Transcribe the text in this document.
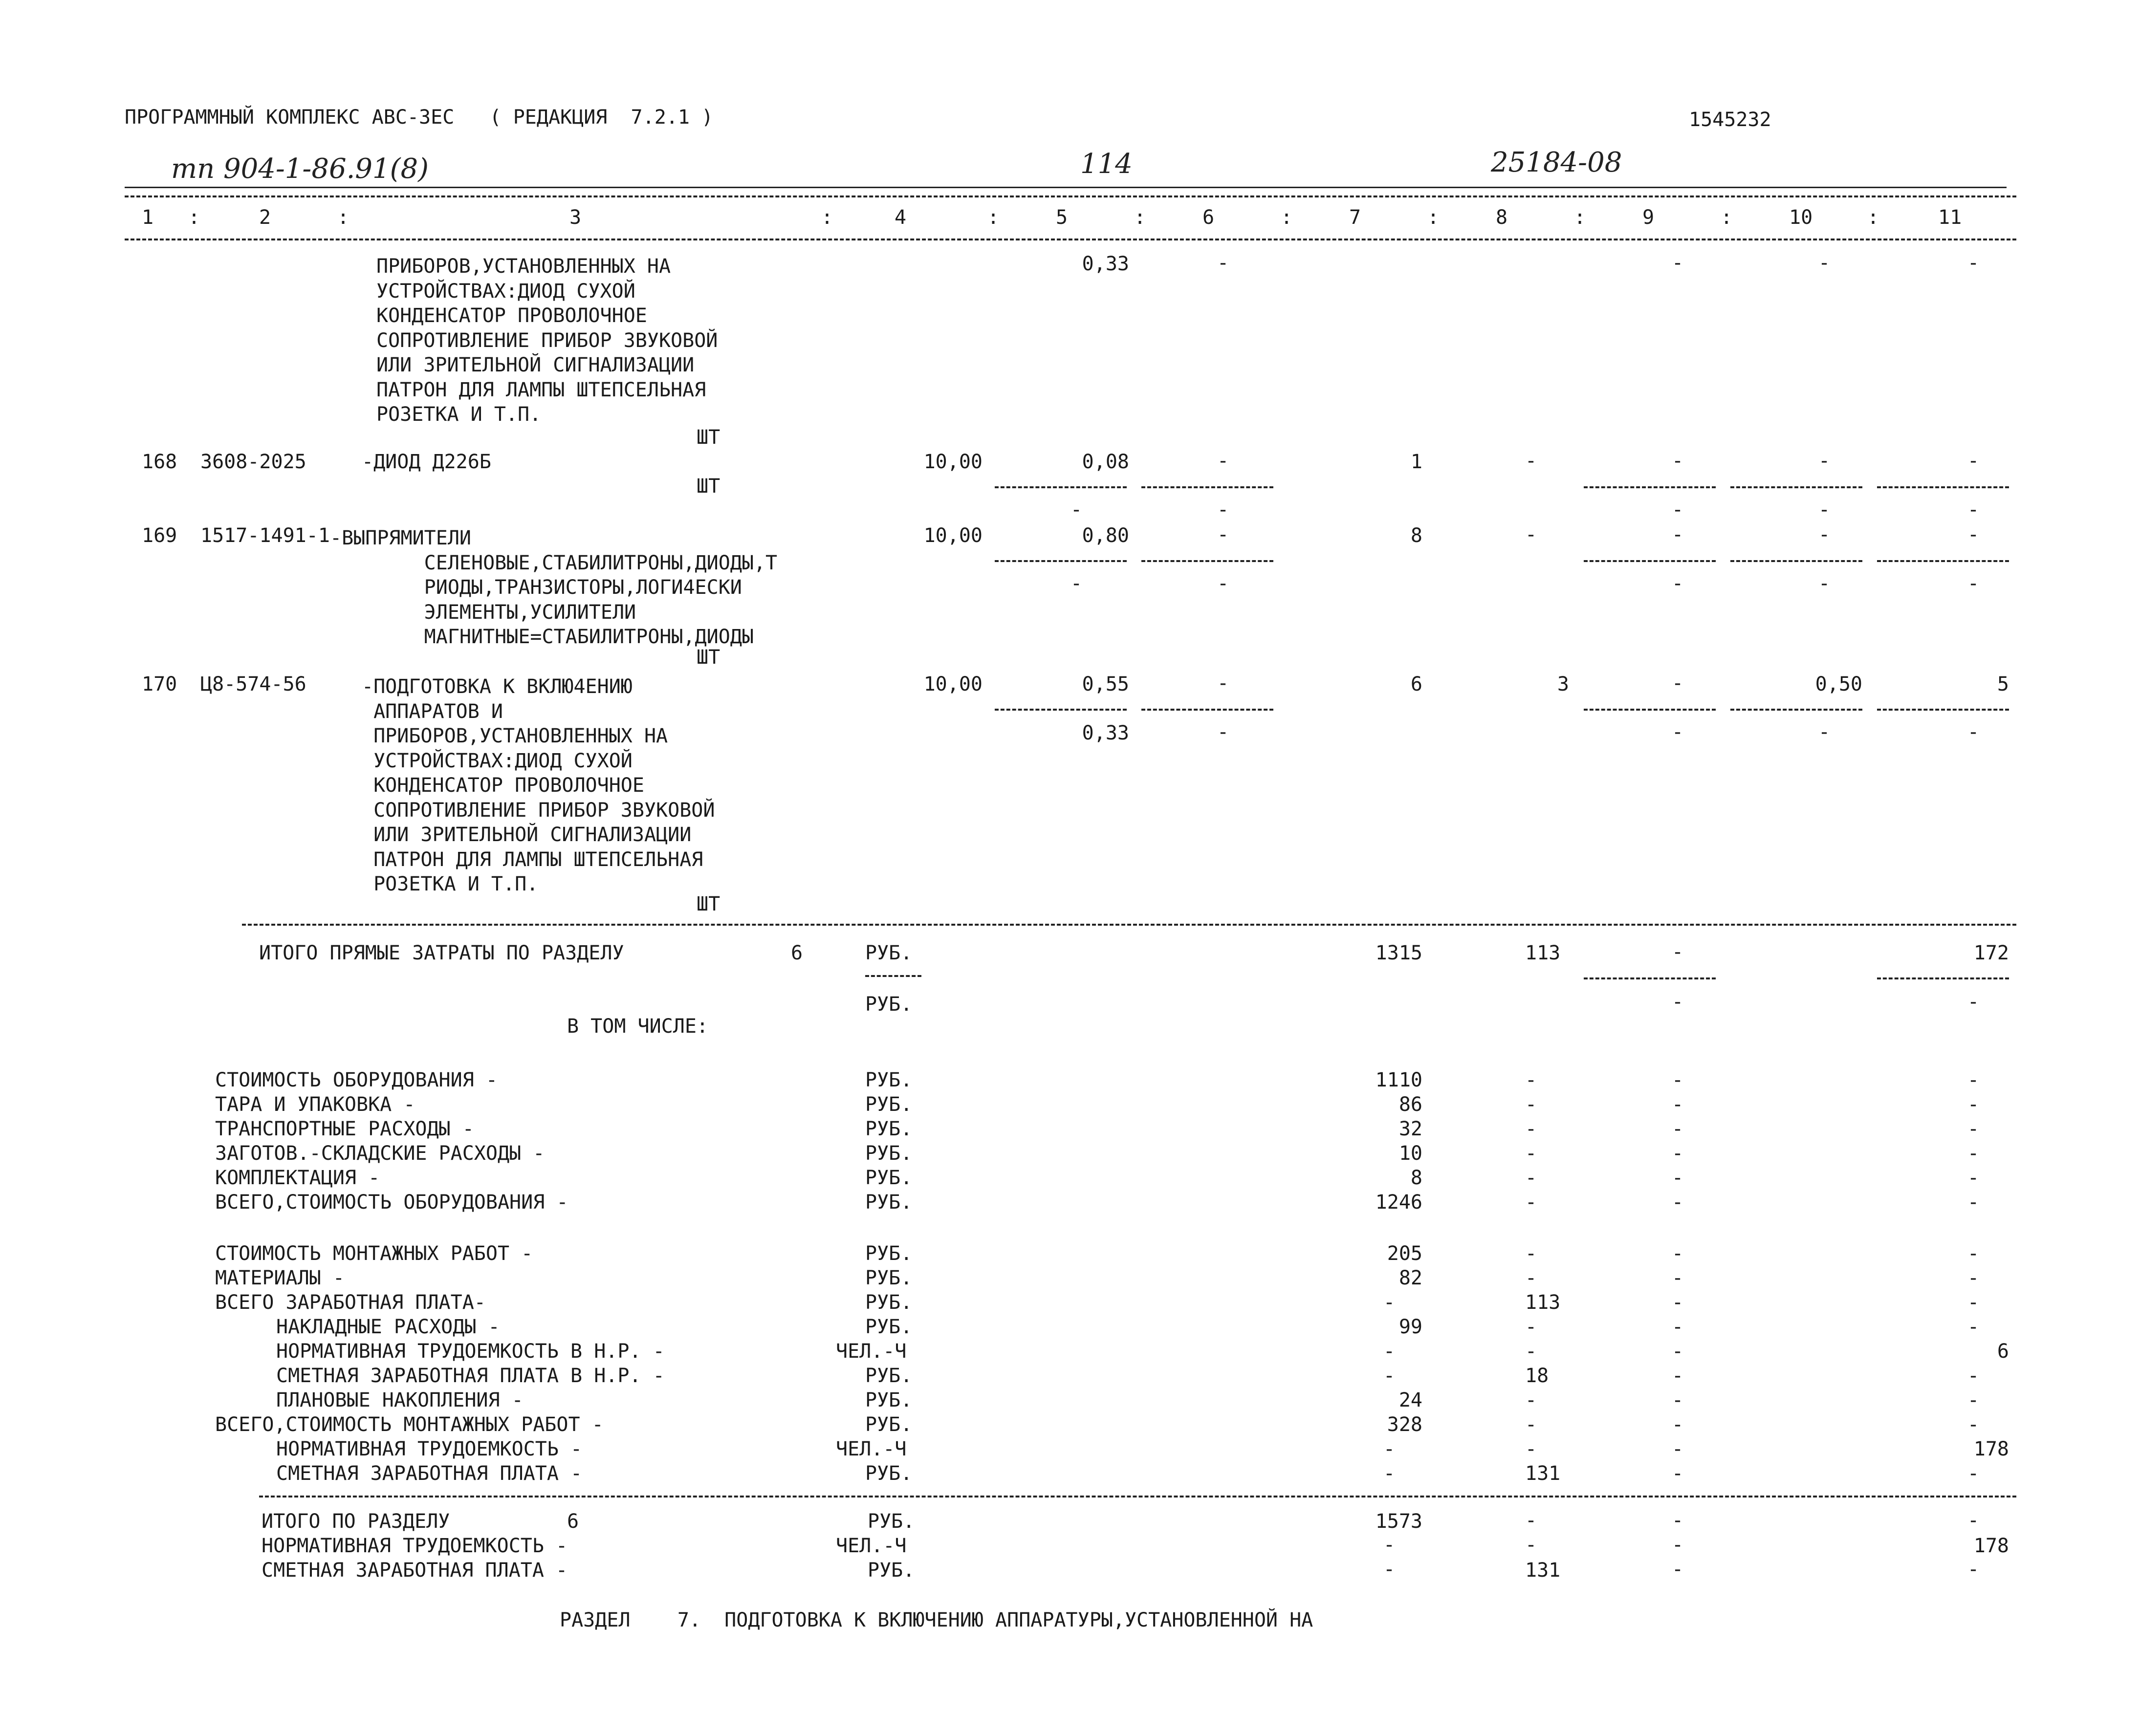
ПРОГРАММНЫЙ КОМПЛЕКС АВС-3ЕС   ( РЕДАКЦИЯ  7.2.1 )	1545232
тп 904-1-86.91(8)	114	25184-08
1 :	2	:	3	:	4	:	5	:	6	:	7	:	8	:	9	:	10	:	11
ПРИБОРОВ,УСТАНОВЛЕННЫХ НА
УСТРОЙСТВАХ:ДИОД СУХОЙ
КОНДЕНСАТОР ПРОВОЛОЧНОЕ
СОПРОТИВЛЕНИЕ ПРИБОР ЗВУКОВОЙ
ИЛИ ЗРИТЕЛЬНОЙ СИГНАЛИЗАЦИИ
ПАТРОН ДЛЯ ЛАМПЫ ШТЕПСЕЛЬНАЯ
РОЗЕТКА И Т.П.
ШТ
0,33	-	-	-	-
168 3608-2025	-ДИОД Д226Б
ШТ
10,00	0,08	-	1	-	-	-	-
-	-	-	-	-
169 1517-1491-1 -ВЫПРЯМИТЕЛИ
СЕЛЕНОВЫЕ,СТАБИЛИТРОНЫ,ДИОДЫ,Т
РИОДЫ,ТРАНЗИСТОРЫ,ЛОГИ4ЕСКИ
ЭЛЕМЕНТЫ,УСИЛИТЕЛИ
МАГНИТНЫЕ=СТАБИЛИТРОНЫ,ДИОДЫ
ШТ
10,00	0,80	-	8	-	-	-	-
-	-	-	-	-
170 Ц8-574-56	-ПОДГОТОВКА К ВКЛЮ4ЕНИЮ
АППАРАТОВ И
ПРИБОРОВ,УСТАНОВЛЕННЫХ НА
УСТРОЙСТВАХ:ДИОД СУХОЙ
КОНДЕНСАТОР ПРОВОЛОЧНОЕ
СОПРОТИВЛЕНИЕ ПРИБОР ЗВУКОВОЙ
ИЛИ ЗРИТЕЛЬНОЙ СИГНАЛИЗАЦИИ
ПАТРОН ДЛЯ ЛАМПЫ ШТЕПСЕЛЬНАЯ
РОЗЕТКА И Т.П.
ШТ
10,00	0,55	-	6	3	-	0,50	5
0,33	-	-	-	-
ИТОГО ПРЯМЫЕ ЗАТРАТЫ ПО РАЗДЕЛУ	6	РУБ.	1315	113	-	172
РУБ.	-	-
В ТОМ ЧИСЛЕ:
СТОИМОСТЬ ОБОРУДОВАНИЯ -	РУБ.	1110	-	-	-
ТАРА И УПАКОВКА -	РУБ.	86	-	-	-
ТРАНСПОРТНЫЕ РАСХОДЫ -	РУБ.	32	-	-	-
ЗАГОТОВ.-СКЛАДСКИЕ РАСХОДЫ -	РУБ.	10	-	-	-
КОМПЛЕКТАЦИЯ -	РУБ.	8	-	-	-
ВСЕГО,СТОИМОСТЬ ОБОРУДОВАНИЯ -	РУБ.	1246	-	-	-
СТОИМОСТЬ МОНТАЖНЫХ РАБОТ -	РУБ.	205	-	-	-
МАТЕРИАЛЫ -	РУБ.	82	-	-	-
ВСЕГО ЗАРАБОТНАЯ ПЛАТА-	РУБ.	-	113	-	-
НАКЛАДНЫЕ РАСХОДЫ -	РУБ.	99	-	-	-
НОРМАТИВНАЯ ТРУДОЕМКОСТЬ В Н.Р. -	ЧЕЛ.-Ч	-	-	-	6
СМЕТНАЯ ЗАРАБОТНАЯ ПЛАТА В Н.Р. -	РУБ.	-	18	-	-
ПЛАНОВЫЕ НАКОПЛЕНИЯ -	РУБ.	24	-	-	-
ВСЕГО,СТОИМОСТЬ МОНТАЖНЫХ РАБОТ -	РУБ.	328	-	-	-
НОРМАТИВНАЯ ТРУДОЕМКОСТЬ -	ЧЕЛ.-Ч	-	-	-	178
СМЕТНАЯ ЗАРАБОТНАЯ ПЛАТА -	РУБ.	-	131	-	-
ИТОГО ПО РАЗДЕЛУ	6	РУБ.	1573	-	-	-
НОРМАТИВНАЯ ТРУДОЕМКОСТЬ -	ЧЕЛ.-Ч	-	-	-	178
СМЕТНАЯ ЗАРАБОТНАЯ ПЛАТА -	РУБ.	-	131	-	-
РАЗДЕЛ    7.  ПОДГОТОВКА К ВКЛЮЧЕНИЮ АППАРАТУРЫ,УСТАНОВЛЕННОЙ НА
